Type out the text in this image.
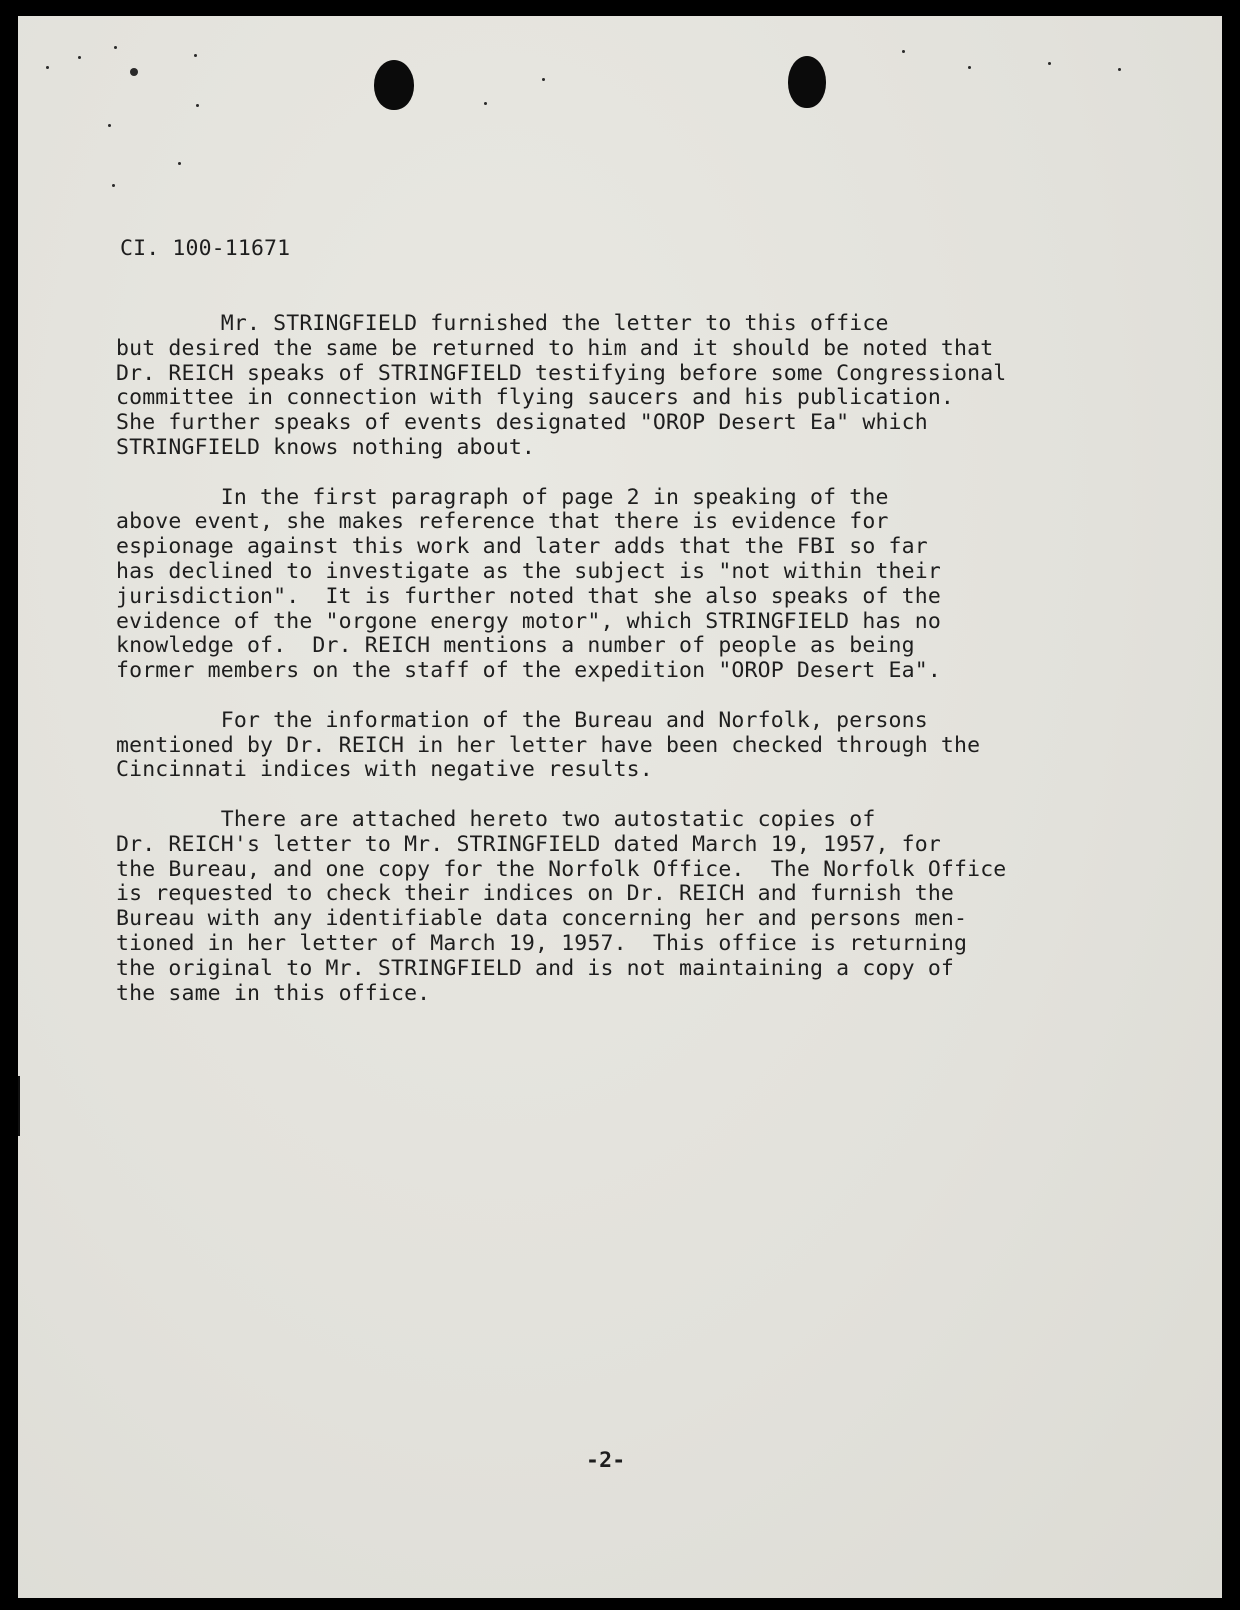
CI. 100-11671

Mr. STRINGFIELD furnished the letter to this office
but desired the same be returned to him and it should be noted that
Dr. REICH speaks of STRINGFIELD testifying before some Congressional
committee in connection with flying saucers and his publication.
She further speaks of events designated "OROP Desert Ea" which
STRINGFIELD knows nothing about.

In the first paragraph of page 2 in speaking of the
above event, she makes reference that there is evidence for
espionage against this work and later adds that the FBI so far
has declined to investigate as the subject is "not within their
jurisdiction".  It is further noted that she also speaks of the
evidence of the "orgone energy motor", which STRINGFIELD has no
knowledge of.  Dr. REICH mentions a number of people as being
former members on the staff of the expedition "OROP Desert Ea".

For the information of the Bureau and Norfolk, persons
mentioned by Dr. REICH in her letter have been checked through the
Cincinnati indices with negative results.

There are attached hereto two autostatic copies of
Dr. REICH's letter to Mr. STRINGFIELD dated March 19, 1957, for
the Bureau, and one copy for the Norfolk Office.  The Norfolk Office
is requested to check their indices on Dr. REICH and furnish the
Bureau with any identifiable data concerning her and persons men-
tioned in her letter of March 19, 1957.  This office is returning
the original to Mr. STRINGFIELD and is not maintaining a copy of
the same in this office.

-2-
